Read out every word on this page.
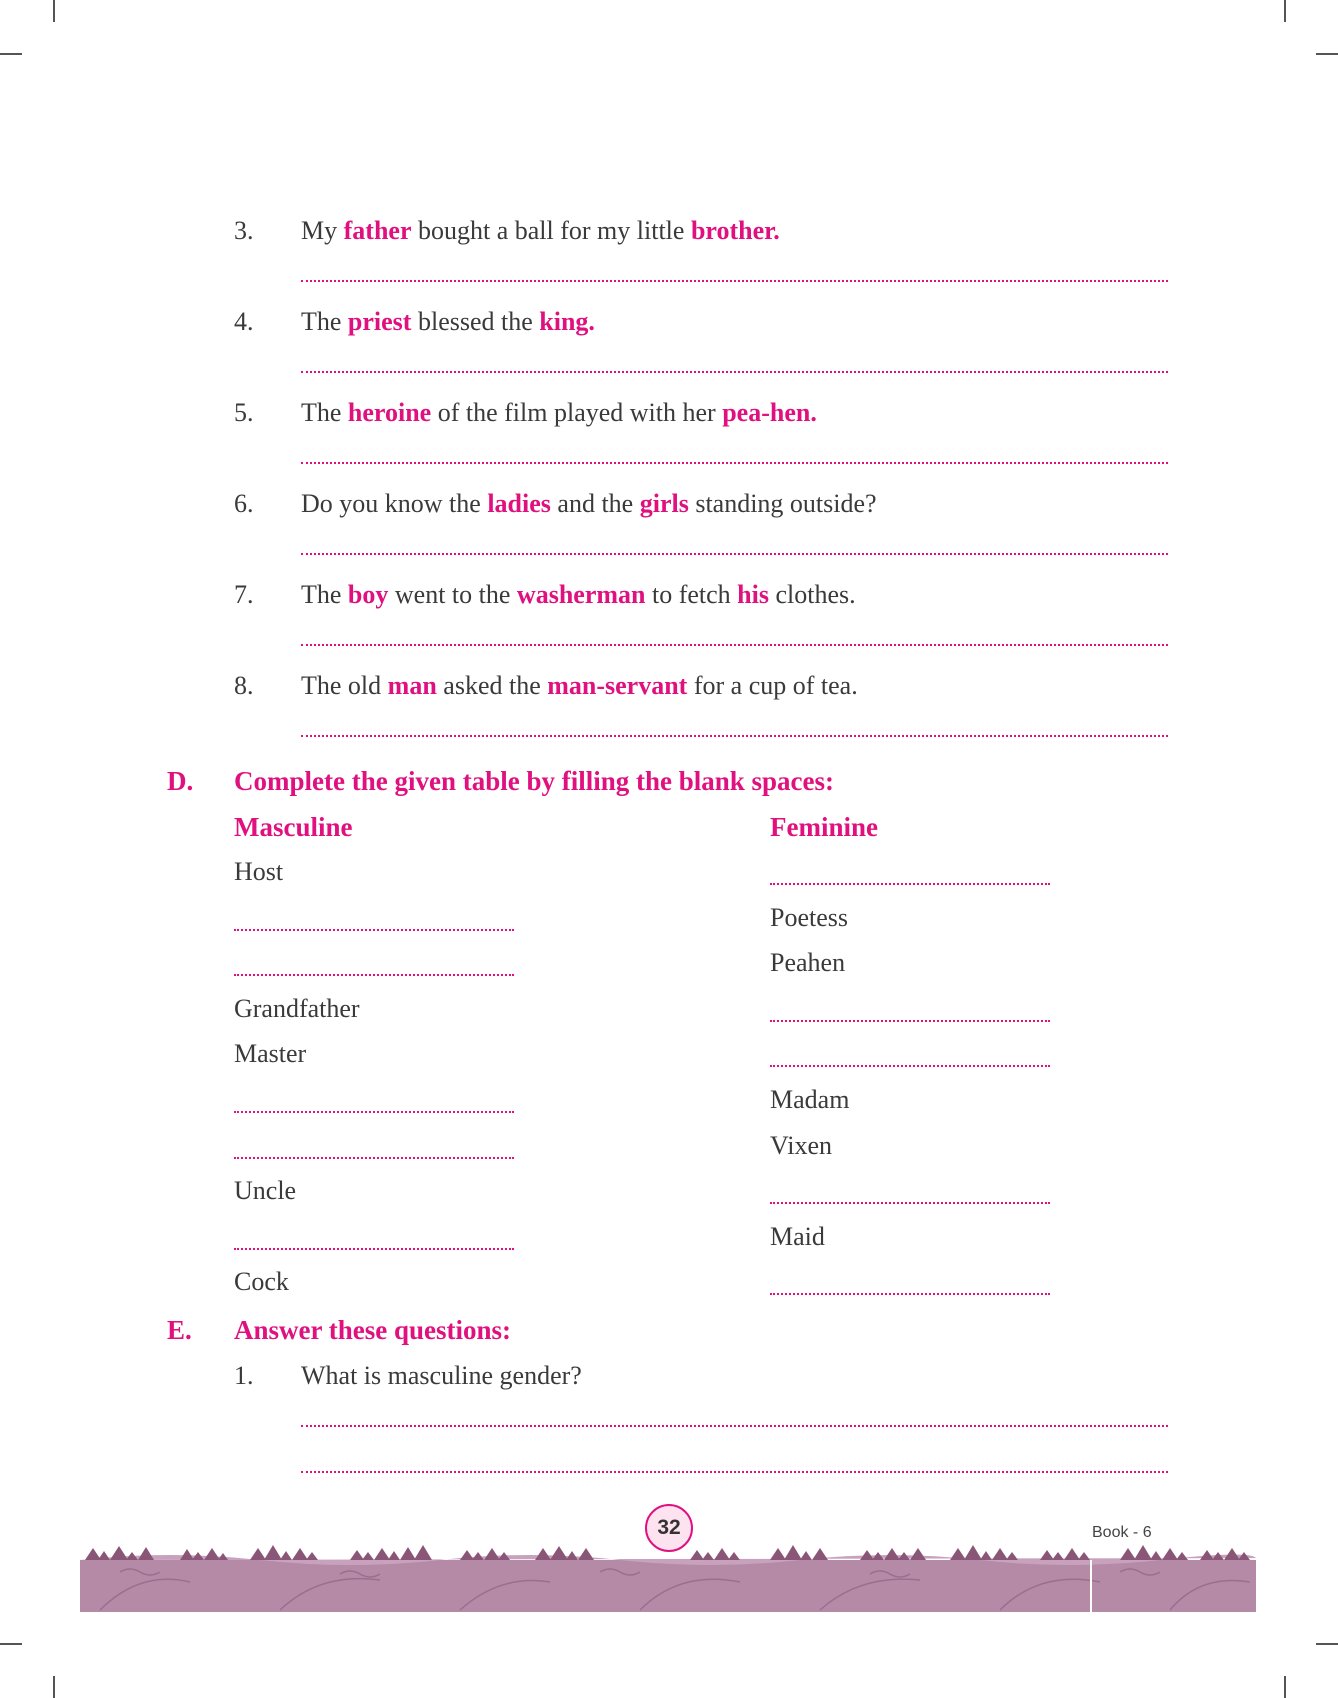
3. My father bought a ball for my little brother.
4. The priest blessed the king.
5. The heroine of the film played with her pea-hen.
6. Do you know the ladies and the girls standing outside?
7. The boy went to the washerman to fetch his clothes.
8. The old man asked the man-servant for a cup of tea.
D. Complete the given table by filling the blank spaces:
Masculine	Feminine
Host
Poetess
Peahen
Grandfather
Master
Madam
Vixen
Uncle
Maid
Cock
E. Answer these questions:
1. What is masculine gender?
32	Book - 6
